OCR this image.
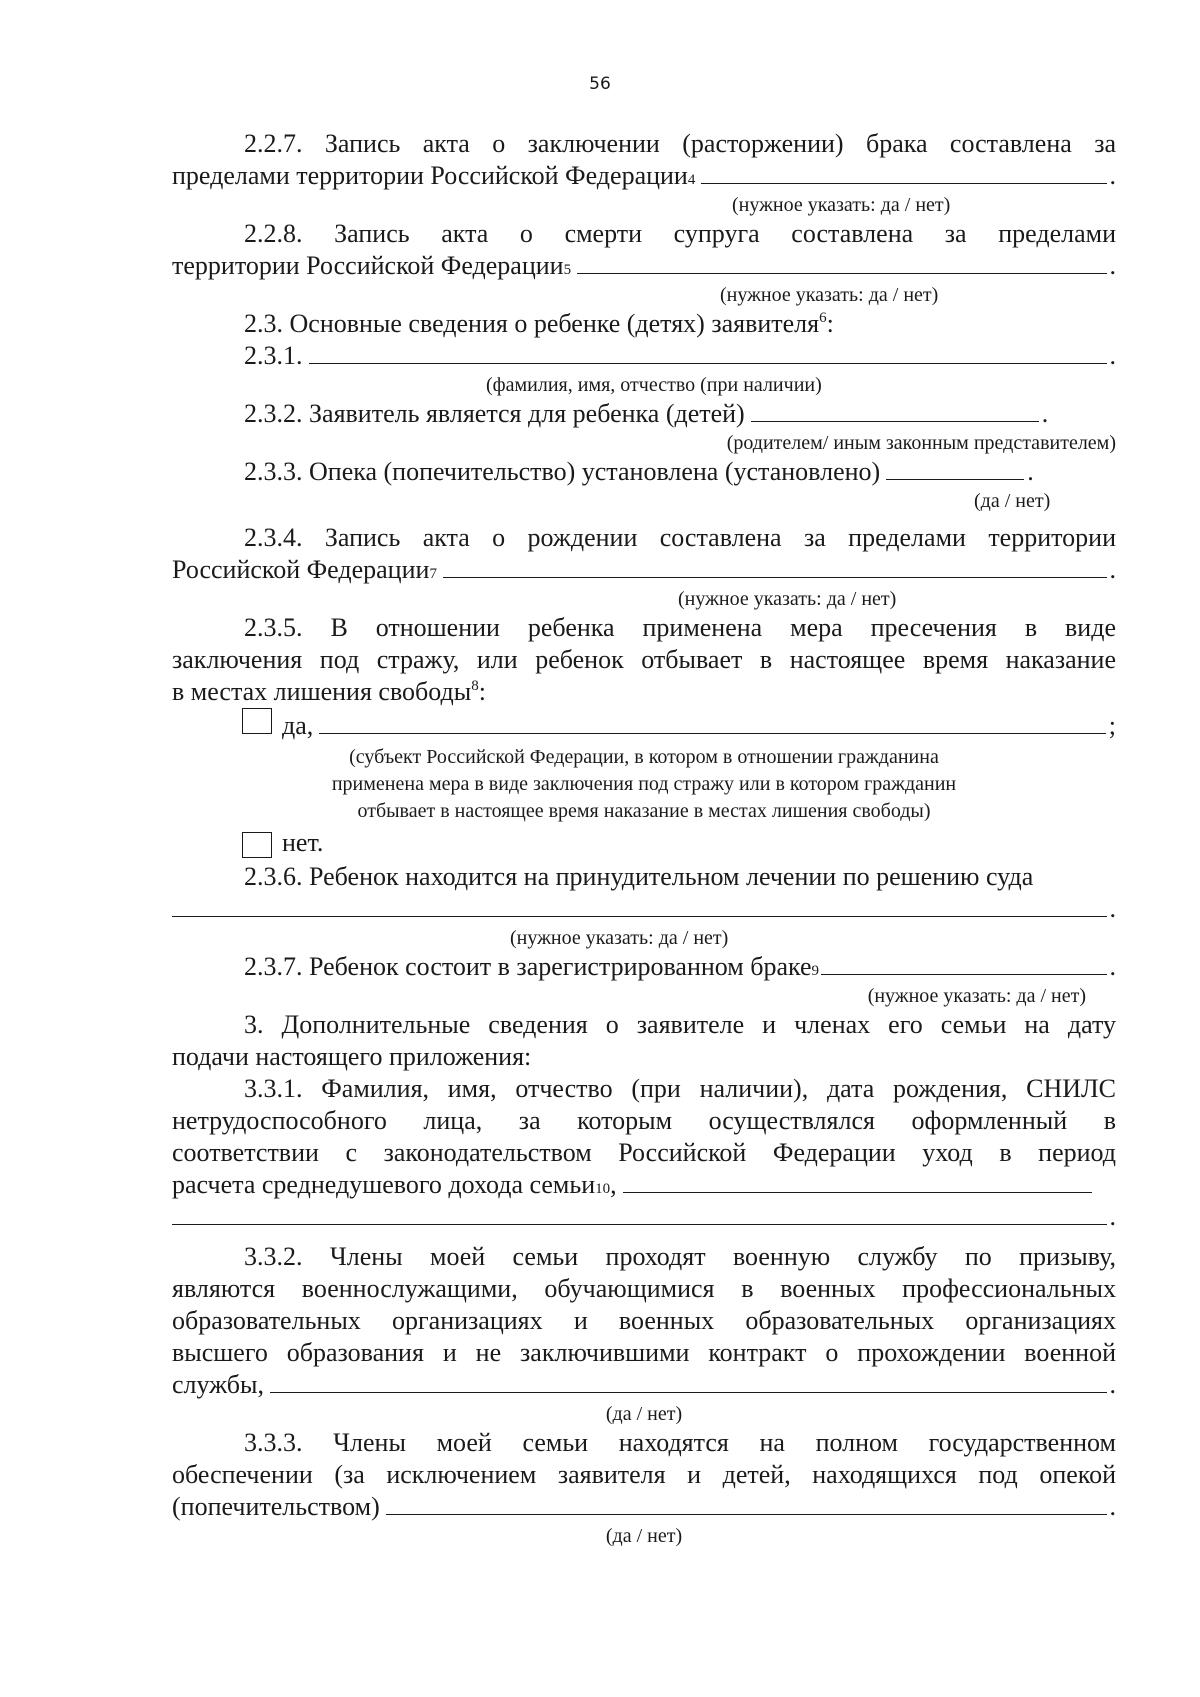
56
2.2.7. Запись акта о заключении (расторжении) брака составлена за
пределами территории Российской Федерации 4	.
(нужное указать: да / нет)
2.2.8. Запись акта о смерти супруга составлена за пределами
территории Российской Федерации 5	.
(нужное указать: да / нет)
2.3. Основные сведения о ребенке (детях) заявителя$^6$:
2.3.1.	.
(фамилия, имя, отчество (при наличии)
2.3.2. Заявитель является для ребенка (детей)	.
(родителем/ иным законным представителем)
2.3.3. Опека (попечительство) установлена (установлено)	.
(да / нет)
2.3.4. Запись акта о рождении составлена за пределами территории
Российской Федерации 7	.
(нужное указать: да / нет)
2.3.5. В отношении ребенка применена мера пресечения в виде
заключения под стражу, или ребенок отбывает в настоящее время наказание
в местах лишения свободы$^8$:
да,	;
(субъект Российской Федерации, в котором в отношении гражданина
применена мера в виде заключения под стражу или в котором гражданин
отбывает в настоящее время наказание в местах лишения свободы)
нет.
2.3.6. Ребенок находится на принудительном лечении по решению суда
.
(нужное указать: да / нет)
2.3.7. Ребенок состоит в зарегистрированном браке 9	.
(нужное указать: да / нет)
3. Дополнительные сведения о заявителе и членах его семьи на дату
подачи настоящего приложения:
3.3.1. Фамилия, имя, отчество (при наличии), дата рождения, СНИЛС
нетрудоспособного лица, за которым осуществлялся оформленный в
соответствии с законодательством Российской Федерации уход в период
расчета среднедушевого дохода семьи 10 ,
.
3.3.2. Члены моей семьи проходят военную службу по призыву,
являются военнослужащими, обучающимися в военных профессиональных
образовательных организациях и военных образовательных организациях
высшего образования и не заключившими контракт о прохождении военной
службы,	.
(да / нет)
3.3.3. Члены моей семьи находятся на полном государственном
обеспечении (за исключением заявителя и детей, находящихся под опекой
(попечительством)	.
(да / нет)
